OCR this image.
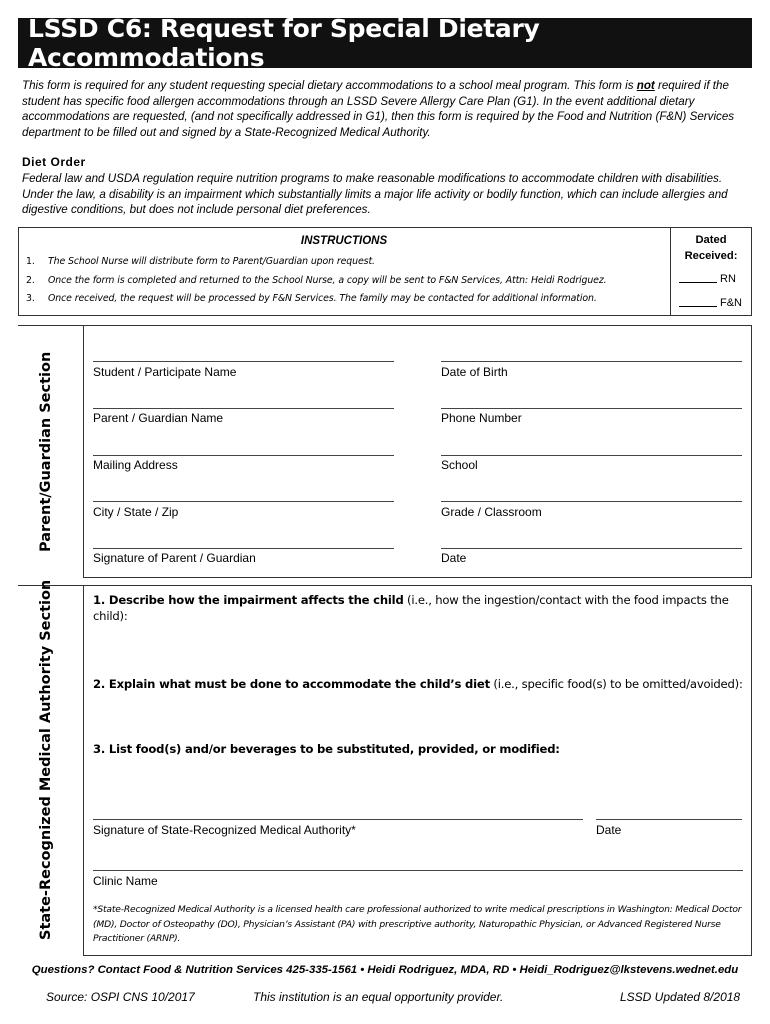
LSSD C6: Request for Special Dietary Accommodations
This form is required for any student requesting special dietary accommodations to a school meal program. This form is not required if the student has specific food allergen accommodations through an LSSD Severe Allergy Care Plan (G1). In the event additional dietary accommodations are requested, (and not specifically addressed in G1), then this form is required by the Food and Nutrition (F&N) Services department to be filled out and signed by a State-Recognized Medical Authority.
Diet Order
Federal law and USDA regulation require nutrition programs to make reasonable modifications to accommodate children with disabilities. Under the law, a disability is an impairment which substantially limits a major life activity or bodily function, which can include allergies and digestive conditions, but does not include personal diet preferences.
INSTRUCTIONS
1. The School Nurse will distribute form to Parent/Guardian upon request.
2. Once the form is completed and returned to the School Nurse, a copy will be sent to F&N Services, Attn: Heidi Rodriguez.
3. Once received, the request will be processed by F&N Services. The family may be contacted for additional information.
Dated
Received:
RN
F&N
Parent/Guardian Section	Student / Participate Name	Date of Birth
Parent / Guardian Name	Phone Number
Mailing Address	School
City / State / Zip	Grade / Classroom
Signature of Parent / Guardian	Date
State-Recognized Medical Authority Section	1. Describe how the impairment affects the child (i.e., how the ingestion/contact with the food impacts the child):
2. Explain what must be done to accommodate the child’s diet (i.e., specific food(s) to be omitted/avoided):
3. List food(s) and/or beverages to be substituted, provided, or modified:
Signature of State-Recognized Medical Authority*	Date
Clinic Name
*State-Recognized Medical Authority is a licensed health care professional authorized to write medical prescriptions in Washington: Medical Doctor (MD), Doctor of Osteopathy (DO), Physician’s Assistant (PA) with prescriptive authority, Naturopathic Physician, or Advanced Registered Nurse Practitioner (ARNP).
Questions? Contact Food & Nutrition Services 425-335-1561 • Heidi Rodriguez, MDA, RD • Heidi_Rodriguez@lkstevens.wednet.edu
Source: OSPI CNS 10/2017	This institution is an equal opportunity provider.	LSSD Updated 8/2018
